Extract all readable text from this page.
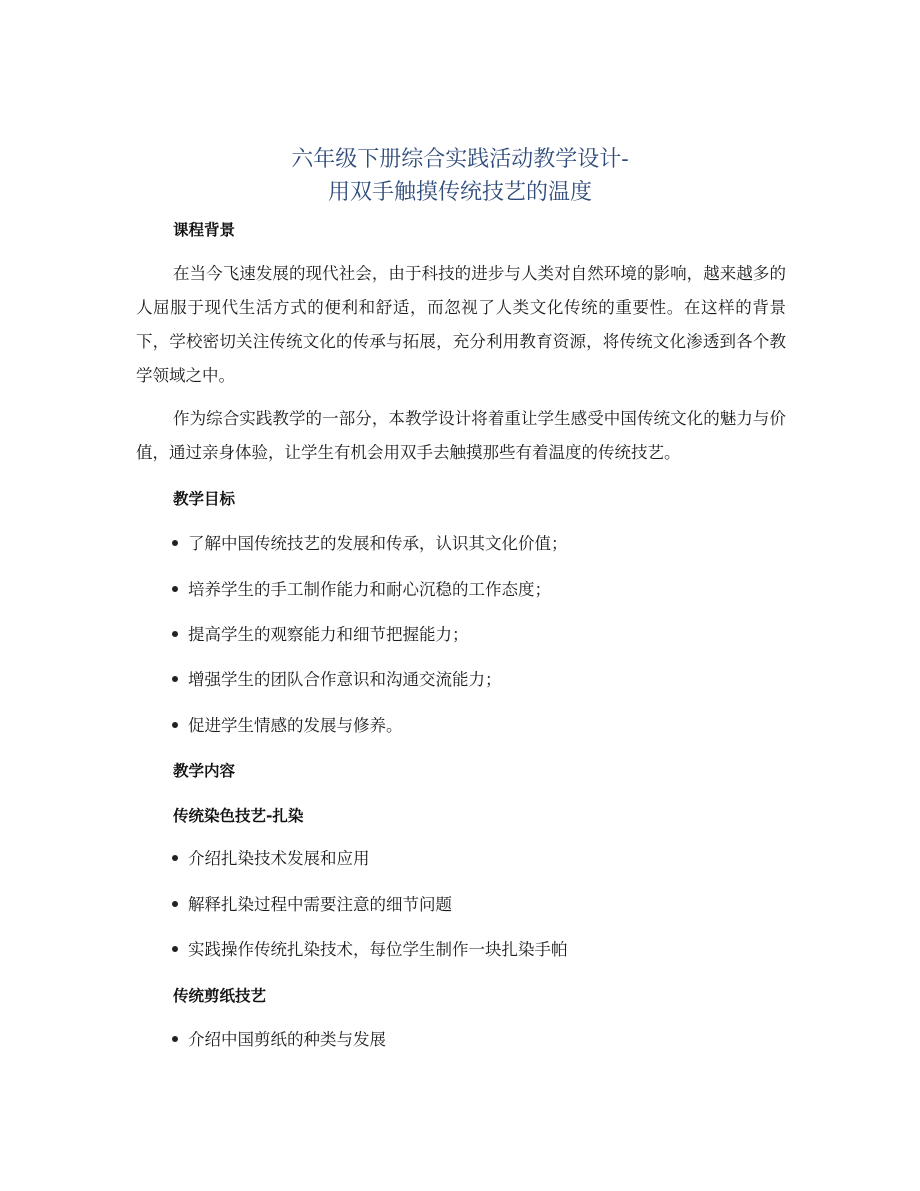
六年级下册综合实践活动教学设计-
用双手触摸传统技艺的温度
课程背景

在当今飞速发展的现代社会，由于科技的进步与人类对自然环境的影响，越来越多的人屈服于现代生活方式的便利和舒适，而忽视了人类文化传统的重要性。在这样的背景下，学校密切关注传统文化的传承与拓展，充分利用教育资源，将传统文化渗透到各个教学领域之中。

作为综合实践教学的一部分，本教学设计将着重让学生感受中国传统文化的魅力与价值，通过亲身体验，让学生有机会用双手去触摸那些有着温度的传统技艺。

教学目标
了解中国传统技艺的发展和传承，认识其文化价值；
培养学生的手工制作能力和耐心沉稳的工作态度；
提高学生的观察能力和细节把握能力；
增强学生的团队合作意识和沟通交流能力；
促进学生情感的发展与修养。
教学内容
传统染色技艺-扎染
介绍扎染技术发展和应用
解释扎染过程中需要注意的细节问题
实践操作传统扎染技术，每位学生制作一块扎染手帕
传统剪纸技艺
介绍中国剪纸的种类与发展
